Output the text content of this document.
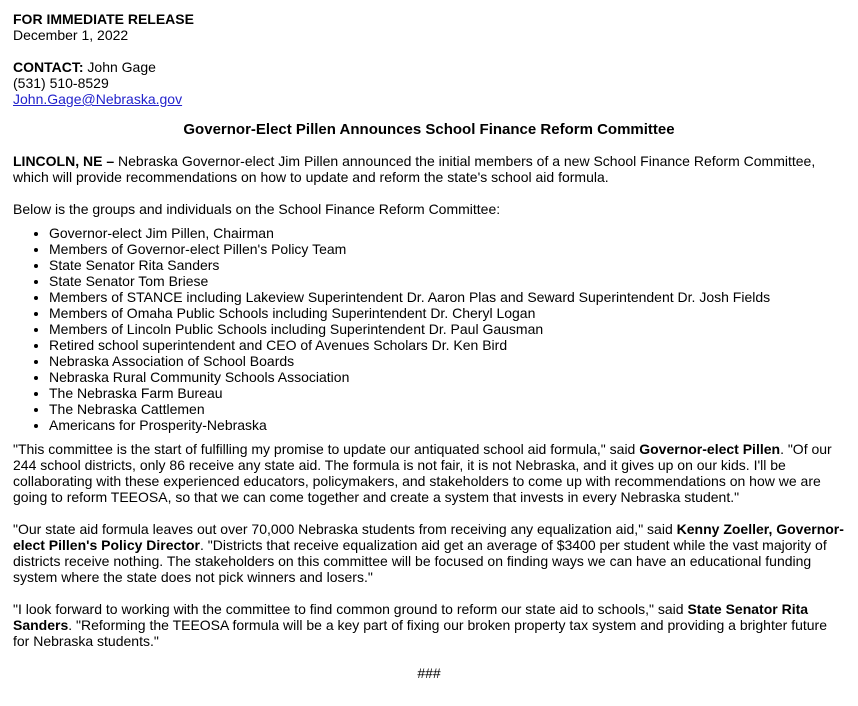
FOR IMMEDIATE RELEASE
December 1, 2022
CONTACT: John Gage
(531) 510-8529
John.Gage@Nebraska.gov
Governor-Elect Pillen Announces School Finance Reform Committee

LINCOLN, NE – Nebraska Governor-elect Jim Pillen announced the initial members of a new School Finance Reform Committee, which will provide recommendations on how to update and reform the state's school aid formula.

Below is the groups and individuals on the School Finance Reform Committee:

• Governor-elect Jim Pillen, Chairman
• Members of Governor-elect Pillen's Policy Team
• State Senator Rita Sanders
• State Senator Tom Briese
• Members of STANCE including Lakeview Superintendent Dr. Aaron Plas and Seward Superintendent Dr. Josh Fields
• Members of Omaha Public Schools including Superintendent Dr. Cheryl Logan
• Members of Lincoln Public Schools including Superintendent Dr. Paul Gausman
• Retired school superintendent and CEO of Avenues Scholars Dr. Ken Bird
• Nebraska Association of School Boards
• Nebraska Rural Community Schools Association
• The Nebraska Farm Bureau
• The Nebraska Cattlemen
• Americans for Prosperity-Nebraska

"This committee is the start of fulfilling my promise to update our antiquated school aid formula," said Governor-elect Pillen. "Of our 244 school districts, only 86 receive any state aid. The formula is not fair, it is not Nebraska, and it gives up on our kids. I'll be collaborating with these experienced educators, policymakers, and stakeholders to come up with recommendations on how we are going to reform TEEOSA, so that we can come together and create a system that invests in every Nebraska student."

"Our state aid formula leaves out over 70,000 Nebraska students from receiving any equalization aid," said Kenny Zoeller, Governor-elect Pillen's Policy Director. "Districts that receive equalization aid get an average of $3400 per student while the vast majority of districts receive nothing. The stakeholders on this committee will be focused on finding ways we can have an educational funding system where the state does not pick winners and losers."

"I look forward to working with the committee to find common ground to reform our state aid to schools," said State Senator Rita Sanders. "Reforming the TEEOSA formula will be a key part of fixing our broken property tax system and providing a brighter future for Nebraska students."

###
